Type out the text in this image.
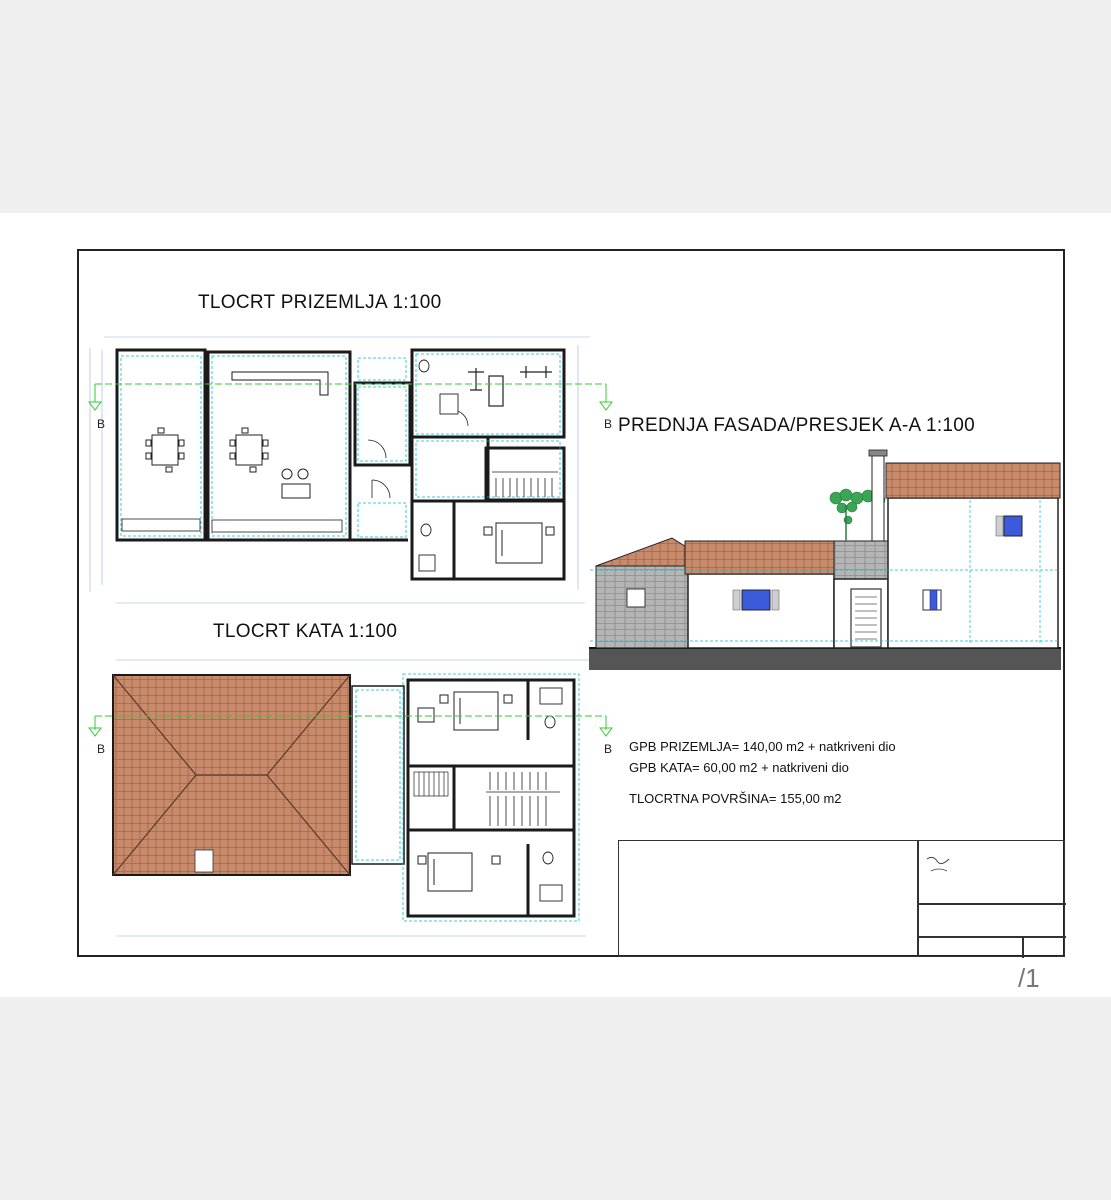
B	B
B	B
TLOCRT PRIZEMLJA 1:100
TLOCRT KATA 1:100
PREDNJA FASADA/PRESJEK A-A 1:100
GPB PRIZEMLJA= 140,00 m2 + natkriveni dio
GPB KATA= 60,00 m2 + natkriveni dio
TLOCRTNA POVRŠINA= 155,00 m2
/1
